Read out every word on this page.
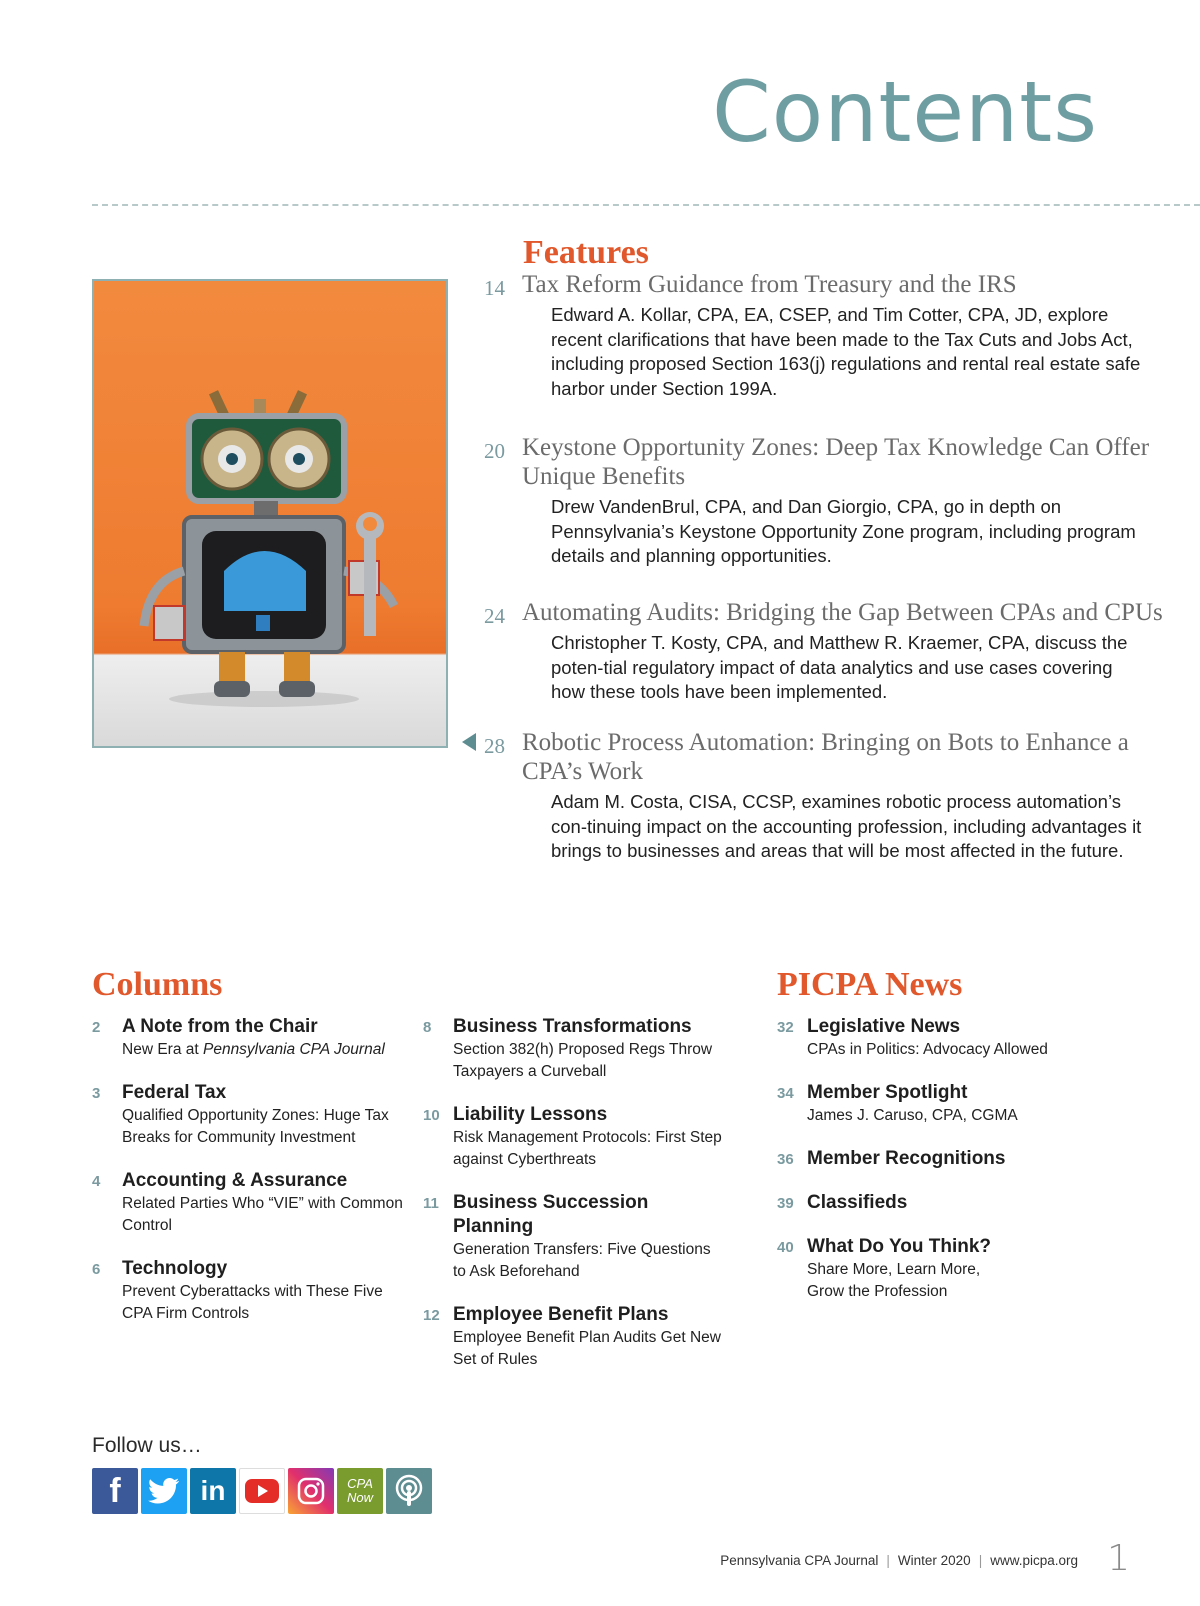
Contents
Features
14 Tax Reform Guidance from Treasury and the IRS

Edward A. Kollar, CPA, EA, CSEP, and Tim Cotter, CPA, JD, explore recent clarifications that have been made to the Tax Cuts and Jobs Act, including proposed Section 163(j) regulations and rental real estate safe harbor under Section 199A.

20 Keystone Opportunity Zones: Deep Tax Knowledge Can Offer Unique Benefits

Drew VandenBrul, CPA, and Dan Giorgio, CPA, go in depth on Pennsylvania’s Keystone Opportunity Zone program, including program details and planning opportunities.

24 Automating Audits: Bridging the Gap Between CPAs and CPUs

Christopher T. Kosty, CPA, and Matthew R. Kraemer, CPA, discuss the poten-tial regulatory impact of data analytics and use cases covering how these tools have been implemented.

28 Robotic Process Automation: Bringing on Bots to Enhance a CPA’s Work

Adam M. Costa, CISA, CCSP, examines robotic process automation’s con-tinuing impact on the accounting profession, including advantages it brings to businesses and areas that will be most affected in the future.

Columns
2 A Note from the Chair
New Era at Pennsylvania CPA Journal
3 Federal Tax
Qualified Opportunity Zones: Huge Tax Breaks for Community Investment
4 Accounting & Assurance
Related Parties Who “VIE” with Common Control
6 Technology
Prevent Cyberattacks with These Five CPA Firm Controls
8 Business Transformations
Section 382(h) Proposed Regs Throw Taxpayers a Curveball
10 Liability Lessons
Risk Management Protocols: First Step against Cyberthreats
11 Business Succession Planning
Generation Transfers: Five Questions to Ask Beforehand
12 Employee Benefit Plans
Employee Benefit Plan Audits Get New Set of Rules
PICPA News
32 Legislative News
CPAs in Politics: Advocacy Allowed
34 Member Spotlight
James J. Caruso, CPA, CGMA
36 Member Recognitions
39 Classifieds
40 What Do You Think?
Share More, Learn More, Grow the Profession
Follow us…
f	in	CPA
Now
Pennsylvania CPA Journal | Winter 2020 | www.picpa.org 1
